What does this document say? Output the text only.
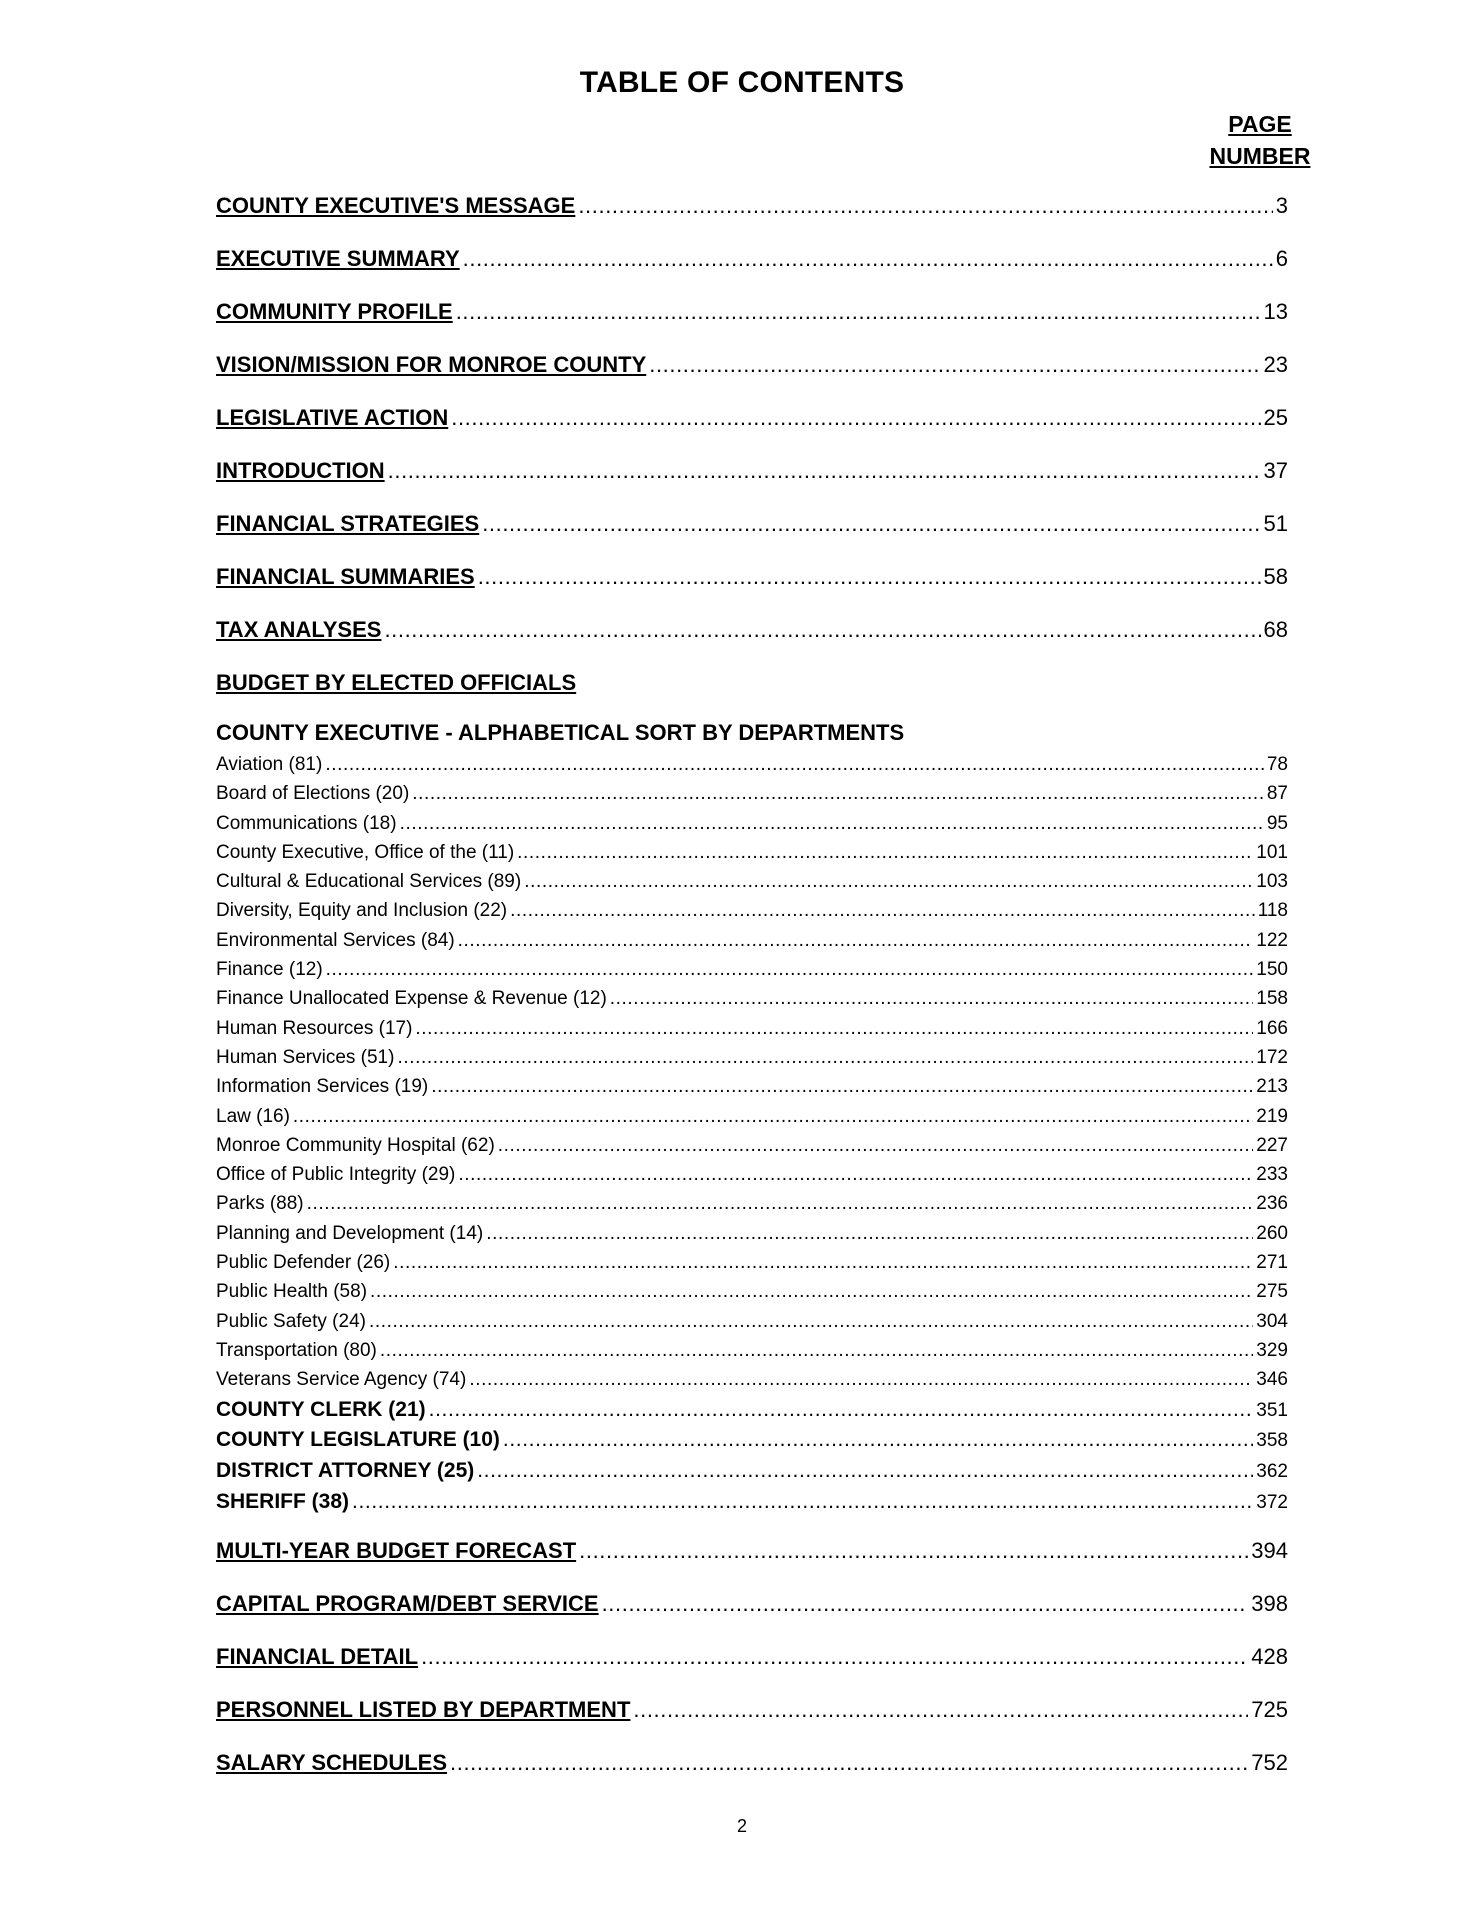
TABLE OF CONTENTS
PAGE
NUMBER
COUNTY EXECUTIVE'S MESSAGE .....	3
EXECUTIVE SUMMARY .....	6
COMMUNITY PROFILE .....	13
VISION/MISSION FOR MONROE COUNTY .....	23
LEGISLATIVE ACTION .....	25
INTRODUCTION .....	37
FINANCIAL STRATEGIES .....	51
FINANCIAL SUMMARIES .....	58
TAX ANALYSES .....	68
BUDGET BY ELECTED OFFICIALS
COUNTY EXECUTIVE - ALPHABETICAL SORT BY DEPARTMENTS
Aviation (81) .....	78
Board of Elections (20) .....	87
Communications (18) .....	95
County Executive, Office of the (11) .....	101
Cultural & Educational Services (89) .....	103
Diversity, Equity and Inclusion (22) .....	118
Environmental Services (84) .....	122
Finance (12) .....	150
Finance Unallocated Expense & Revenue (12) .....	158
Human Resources (17) .....	166
Human Services (51) .....	172
Information Services (19) .....	213
Law (16) .....	219
Monroe Community Hospital (62) .....	227
Office of Public Integrity (29) .....	233
Parks (88) .....	236
Planning and Development (14) .....	260
Public Defender (26) .....	271
Public Health (58) .....	275
Public Safety (24) .....	304
Transportation (80) .....	329
Veterans Service Agency (74) .....	346
COUNTY CLERK (21) .....	351
COUNTY LEGISLATURE (10) .....	358
DISTRICT ATTORNEY (25) .....	362
SHERIFF (38) .....	372
MULTI-YEAR BUDGET FORECAST .....	394
CAPITAL PROGRAM/DEBT SERVICE .....	398
FINANCIAL DETAIL .....	428
PERSONNEL LISTED BY DEPARTMENT .....	725
SALARY SCHEDULES .....	752
2
